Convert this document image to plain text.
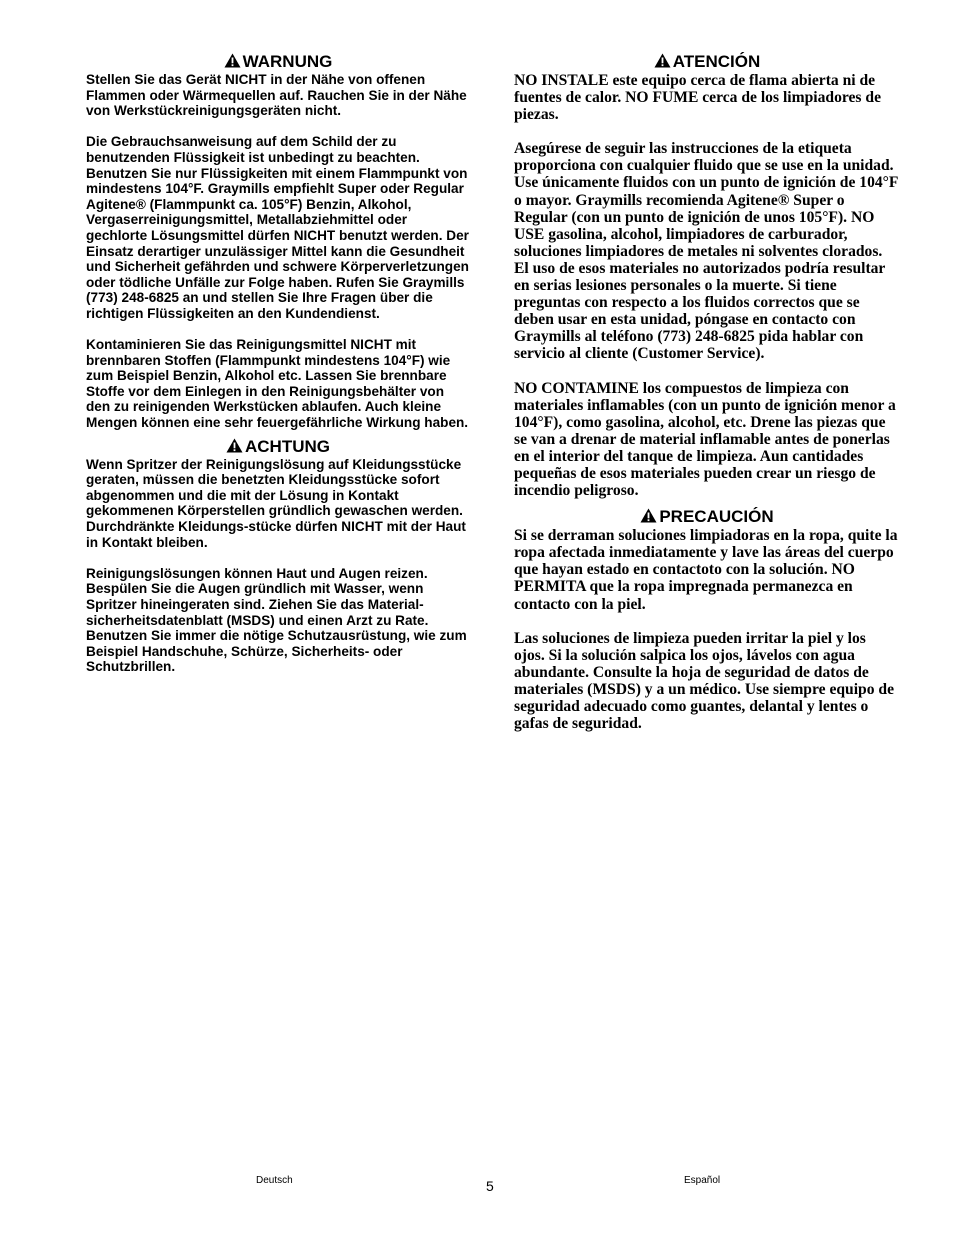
WARNUNG

Stellen Sie das Gerät NICHT in der Nähe von offenen Flammen oder Wärmequellen auf. Rauchen Sie in der Nähe von Werkstückreinigungsgeräten nicht.

Die Gebrauchsanweisung auf dem Schild der zu benutzenden Flüssigkeit ist unbedingt zu beachten. Benutzen Sie nur Flüssigkeiten mit einem Flammpunkt von mindestens 104°F. Graymills empfiehlt Super oder Regular Agitene® (Flammpunkt ca. 105°F) Benzin, Alkohol, Vergaserreinigungsmittel, Metallabziehmittel oder gechlorte Lösungsmittel dürfen NICHT benutzt werden. Der Einsatz derartiger unzulässiger Mittel kann die Gesundheit und Sicherheit gefährden und schwere Körperverletzungen oder tödliche Unfälle zur Folge haben. Rufen Sie Graymills (773) 248-6825 an und stellen Sie Ihre Fragen über die richtigen Flüssigkeiten an den Kundendienst.

Kontaminieren Sie das Reinigungsmittel NICHT mit brennbaren Stoffen (Flammpunkt mindestens 104°F) wie zum Beispiel Benzin, Alkohol etc. Lassen Sie brennbare Stoffe vor dem Einlegen in den Reinigungsbehälter von den zu reinigenden Werkstücken ablaufen. Auch kleine Mengen können eine sehr feuergefährliche Wirkung haben.

ACHTUNG

Wenn Spritzer der Reinigungslösung auf Kleidungsstücke geraten, müssen die benetzten Kleidungsstücke sofort abgenommen und die mit der Lösung in Kontakt gekommenen Körperstellen gründlich gewaschen werden. Durchdränkte Kleidungs-stücke dürfen NICHT mit der Haut in Kontakt bleiben.

Reinigungslösungen können Haut und Augen reizen. Bespülen Sie die Augen gründlich mit Wasser, wenn Spritzer hineingeraten sind. Ziehen Sie das Material-sicherheitsdatenblatt (MSDS) und einen Arzt zu Rate. Benutzen Sie immer die nötige Schutzausrüstung, wie zum Beispiel Handschuhe, Schürze, Sicherheits- oder Schutzbrillen.

ATENCIÓN

NO INSTALE este equipo cerca de flama abierta ni de fuentes de calor. NO FUME cerca de los limpiadores de piezas.

Asegúrese de seguir las instrucciones de la etiqueta proporciona con cualquier fluido que se use en la unidad. Use únicamente fluidos con un punto de ignición de 104°F o mayor. Graymills recomienda Agitene® Super o Regular (con un punto de ignición de unos 105°F). NO USE gasolina, alcohol, limpiadores de carburador, soluciones limpiadores de metales ni solventes clorados. El uso de esos materiales no autorizados podría resultar en serias lesiones personales o la muerte. Si tiene preguntas con respecto a los fluidos correctos que se deben usar en esta unidad, póngase en contacto con Graymills al teléfono (773) 248-6825 pida hablar con servicio al cliente (Customer Service).

NO CONTAMINE los compuestos de limpieza con materiales inflamables (con un punto de ignición menor a 104°F), como gasolina, alcohol, etc. Drene las piezas que se van a drenar de material inflamable antes de ponerlas en el interior del tanque de limpieza. Aun cantidades pequeñas de esos materiales pueden crear un riesgo de incendio peligroso.

PRECAUCIÓN

Si se derraman soluciones limpiadoras en la ropa, quite la ropa afectada inmediatamente y lave las áreas del cuerpo que hayan estado en contactoto con la solución. NO PERMITA que la ropa impregnada permanezca en contacto con la piel.

Las soluciones de limpieza pueden irritar la piel y los ojos. Si la solución salpica los ojos, lávelos con agua abundante. Consulte la hoja de seguridad de datos de materiales (MSDS) y a un médico. Use siempre equipo de seguridad adecuado como guantes, delantal y lentes o gafas de seguridad.

Deutsch	5	Español
